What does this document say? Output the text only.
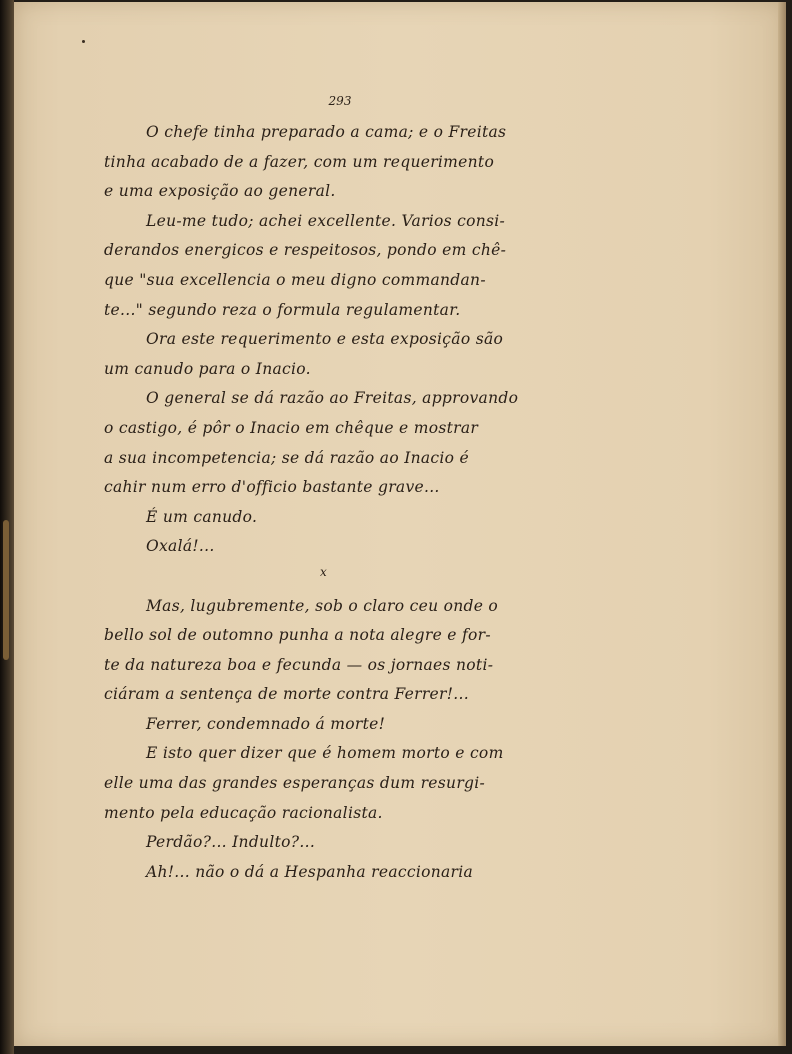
293
O chefe tinha preparado a cama; e o Freitas
tinha acabado de a fazer, com um requerimento
e uma exposição ao general.
Leu-me tudo; achei excellente. Varios consi-
derandos energicos e respeitosos, pondo em chê-
que "sua excellencia o meu digno commandan-
te..." segundo reza o formula regulamentar.
Ora este requerimento e esta exposição são
um canudo para o Inacio.
O general se dá razão ao Freitas, approvando
o castigo, é pôr o Inacio em chêque e mostrar
a sua incompetencia; se dá razão ao Inacio é
cahir num erro d'officio bastante grave...
É um canudo.
Oxalá!...
x
Mas, lugubremente, sob o claro ceu onde o
bello sol de outomno punha a nota alegre e for-
te da natureza boa e fecunda — os jornaes noti-
ciáram a sentença de morte contra Ferrer!...
Ferrer, condemnado á morte!
E isto quer dizer que é homem morto e com
elle uma das grandes esperanças dum resurgi-
mento pela educação racionalista.
Perdão?... Indulto?...
Ah!... não o dá a Hespanha reaccionaria
